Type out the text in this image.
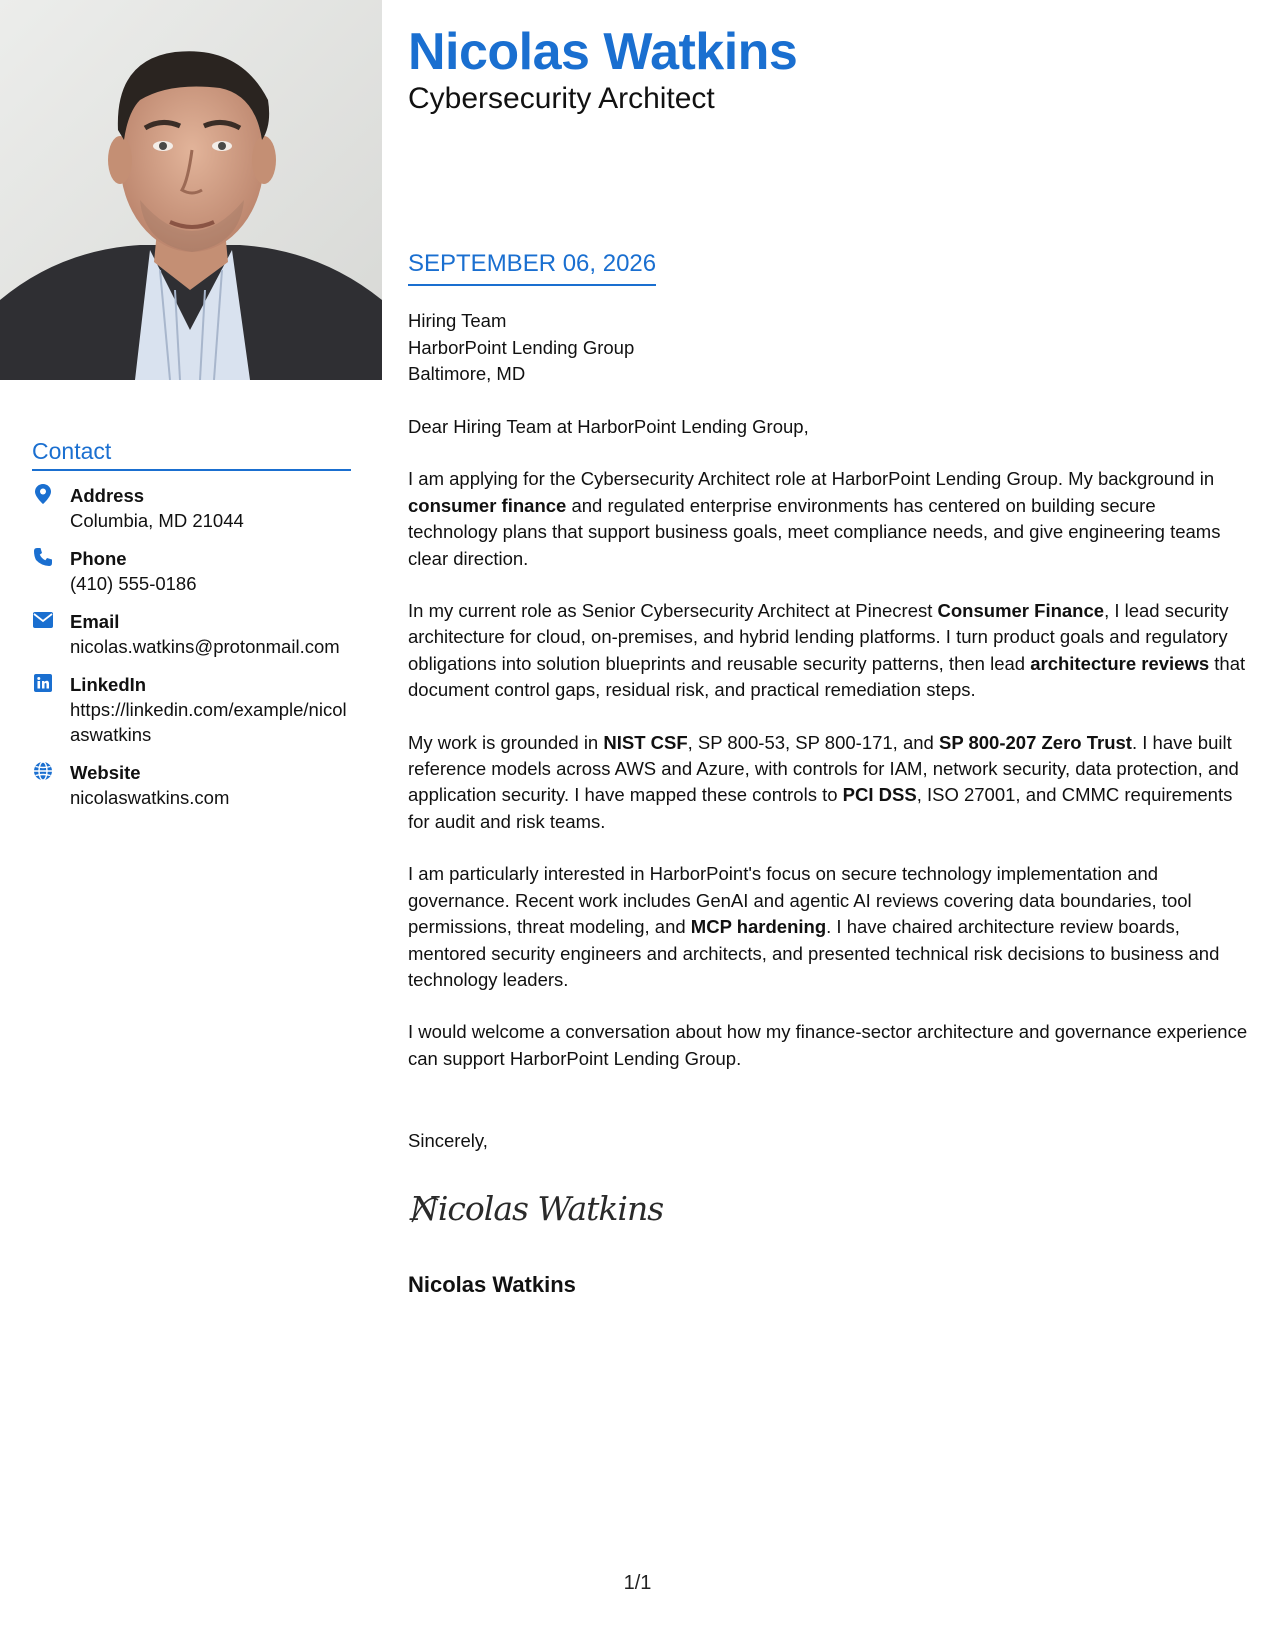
Contact
Address
Columbia, MD 21044
Phone
(410) 555-0186
Email
nicolas.watkins@protonmail.com
LinkedIn
https://linkedin.com/example/nicolaswatkins
Website
nicolaswatkins.com
Nicolas Watkins
Cybersecurity Architect
SEPTEMBER 06, 2026
Hiring Team
HarborPoint Lending Group
Baltimore, MD

Dear Hiring Team at HarborPoint Lending Group,

I am applying for the Cybersecurity Architect role at HarborPoint Lending Group. My background in consumer finance and regulated enterprise environments has centered on building secure technology plans that support business goals, meet compliance needs, and give engineering teams clear direction.

In my current role as Senior Cybersecurity Architect at Pinecrest Consumer Finance, I lead security architecture for cloud, on-premises, and hybrid lending platforms. I turn product goals and regulatory obligations into solution blueprints and reusable security patterns, then lead architecture reviews that document control gaps, residual risk, and practical remediation steps.

My work is grounded in NIST CSF, SP 800-53, SP 800-171, and SP 800-207 Zero Trust. I have built reference models across AWS and Azure, with controls for IAM, network security, data protection, and application security. I have mapped these controls to PCI DSS, ISO 27001, and CMMC requirements for audit and risk teams.

I am particularly interested in HarborPoint's focus on secure technology implementation and governance. Recent work includes GenAI and agentic AI reviews covering data boundaries, tool permissions, threat modeling, and MCP hardening. I have chaired architecture review boards, mentored security engineers and architects, and presented technical risk decisions to business and technology leaders.

I would welcome a conversation about how my finance-sector architecture and governance experience can support HarborPoint Lending Group.

Sincerely,
Nicolas Watkins
Nicolas Watkins
1/1
